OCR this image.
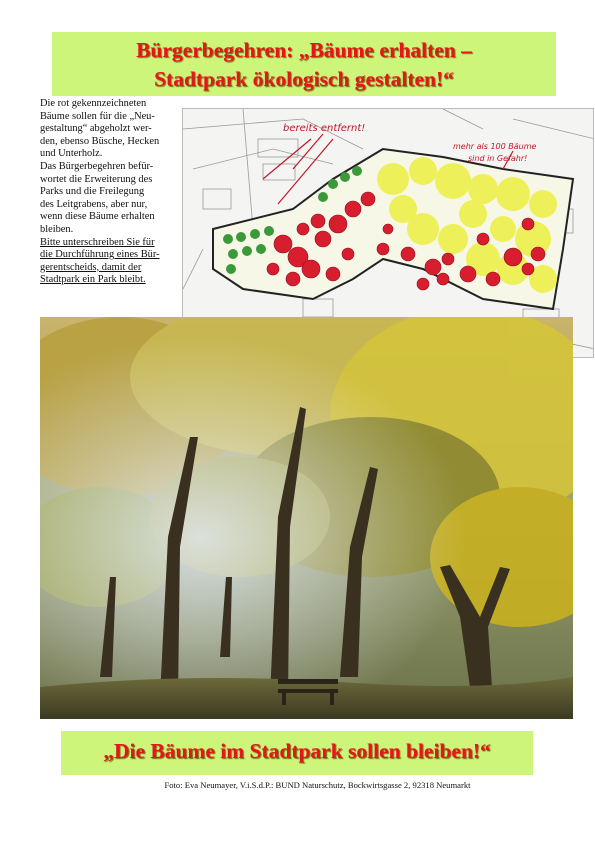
Bürgerbegehren: „Bäume erhalten –
Stadtpark ökologisch gestalten!“
Die rot gekennzeichneten
Bäume sollen für die „Neu-
gestaltung“ abgeholzt wer-
den, ebenso Büsche, Hecken
und Unterholz.
Das Bürgerbegehren befür-
wortet die Erweiterung des
Parks und die Freilegung
des Leitgrabens, aber nur,
wenn diese Bäume erhalten
bleiben.
Bitte unterschreiben Sie für
die Durchführung eines Bür-
gerentscheids, damit der
Stadtpark ein Park bleibt.
bereits entfernt!
mehr als 100 Bäume
sind in Gefahr!
„Die Bäume im Stadtpark sollen bleiben!“
Foto: Eva Neumayer, V.i.S.d.P.: BUND Naturschutz, Bockwirtsgasse 2, 92318 Neumarkt
